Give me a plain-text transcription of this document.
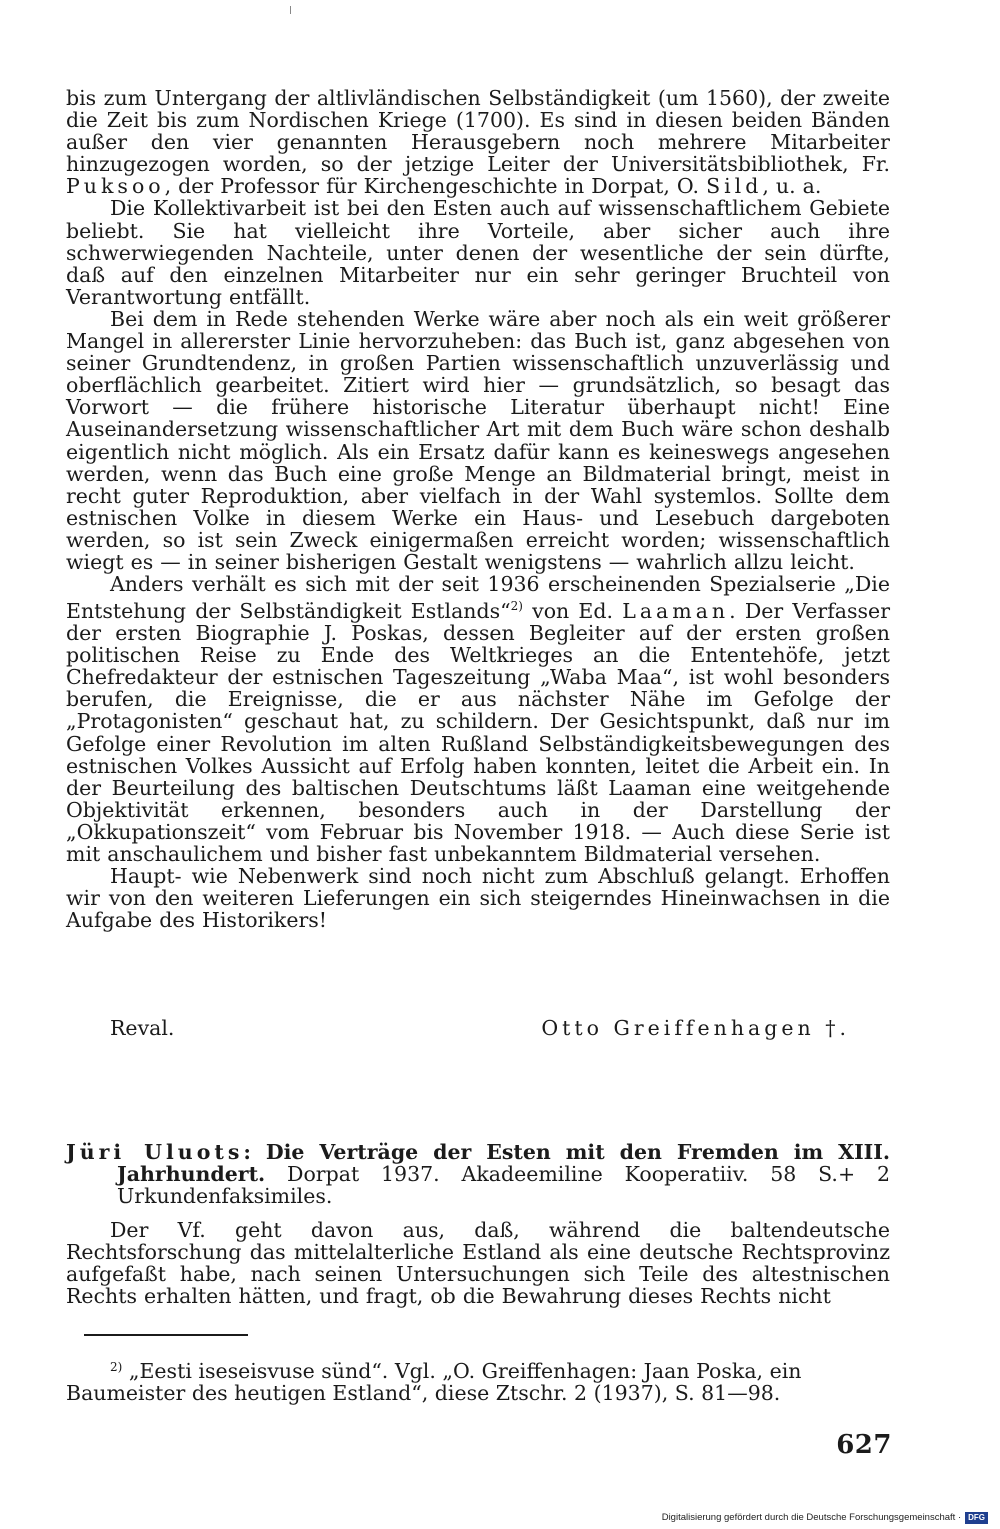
bis zum Untergang der altlivländischen Selbständigkeit (um 1560), der zweite die Zeit bis zum Nordischen Kriege (1700). Es sind in diesen beiden Bänden außer den vier genannten Herausgebern noch mehrere Mitarbeiter hinzugezogen worden, so der jetzige Leiter der Universitätsbibliothek, Fr. Puksoo, der Professor für Kirchengeschichte in Dorpat, O. Sild, u. a.

Die Kollektivarbeit ist bei den Esten auch auf wissenschaftlichem Gebiete beliebt. Sie hat vielleicht ihre Vorteile, aber sicher auch ihre schwerwiegenden Nachteile, unter denen der wesentliche der sein dürfte, daß auf den einzelnen Mitarbeiter nur ein sehr geringer Bruchteil von Verantwortung entfällt.

Bei dem in Rede stehenden Werke wäre aber noch als ein weit größerer Mangel in allererster Linie hervorzuheben: das Buch ist, ganz abgesehen von seiner Grundtendenz, in großen Partien wissenschaftlich unzuverlässig und oberflächlich gearbeitet. Zitiert wird hier — grundsätzlich, so besagt das Vorwort — die frühere historische Literatur überhaupt nicht! Eine Auseinandersetzung wissenschaftlicher Art mit dem Buch wäre schon deshalb eigentlich nicht möglich. Als ein Ersatz dafür kann es keineswegs angesehen werden, wenn das Buch eine große Menge an Bildmaterial bringt, meist in recht guter Reproduktion, aber vielfach in der Wahl systemlos. Sollte dem estnischen Volke in diesem Werke ein Haus- und Lesebuch dargeboten werden, so ist sein Zweck einigermaßen erreicht worden; wissenschaftlich wiegt es — in seiner bisherigen Gestalt wenigstens — wahrlich allzu leicht.

Anders verhält es sich mit der seit 1936 erscheinenden Spezialserie „Die Entstehung der Selbständigkeit Estlands“$^{2)}$ von Ed. Laaman. Der Verfasser der ersten Biographie J. Poskas, dessen Begleiter auf der ersten großen politischen Reise zu Ende des Weltkrieges an die Ententehöfe, jetzt Chefredakteur der estnischen Tageszeitung „Waba Maa“, ist wohl besonders berufen, die Ereignisse, die er aus nächster Nähe im Gefolge der „Protagonisten“ geschaut hat, zu schildern. Der Gesichtspunkt, daß nur im Gefolge einer Revolution im alten Rußland Selbständigkeitsbewegungen des estnischen Volkes Aussicht auf Erfolg haben konnten, leitet die Arbeit ein. In der Beurteilung des baltischen Deutschtums läßt Laaman eine weitgehende Objektivität erkennen, besonders auch in der Darstellung der „Okkupationszeit“ vom Februar bis November 1918. — Auch diese Serie ist mit anschaulichem und bisher fast unbekanntem Bildmaterial versehen.

Haupt- wie Nebenwerk sind noch nicht zum Abschluß gelangt. Erhoffen wir von den weiteren Lieferungen ein sich steigerndes Hineinwachsen in die Aufgabe des Historikers!

Reval.	Otto Greiffenhagen †.
Jüri Uluots: Die Verträge der Esten mit den Fremden im XIII. Jahrhundert. Dorpat 1937. Akadeemiline Kooperatiiv. 58 S.+ 2 Urkundenfaksimiles.

Der Vf. geht davon aus, daß, während die baltendeutsche Rechtsforschung das mittelalterliche Estland als eine deutsche Rechtsprovinz aufgefaßt habe, nach seinen Untersuchungen sich Teile des altestnischen Rechts erhalten hätten, und fragt, ob die Bewahrung dieses Rechts nicht

$^{2)}$ „Eesti iseseisvuse sünd“. Vgl. „O. Greiffenhagen: Jaan Poska, ein Baumeister des heutigen Estland“, diese Ztschr. 2 (1937), S. 81—98.
627
Digitalisierung gefördert durch die Deutsche Forschungsgemeinschaft · DFG
